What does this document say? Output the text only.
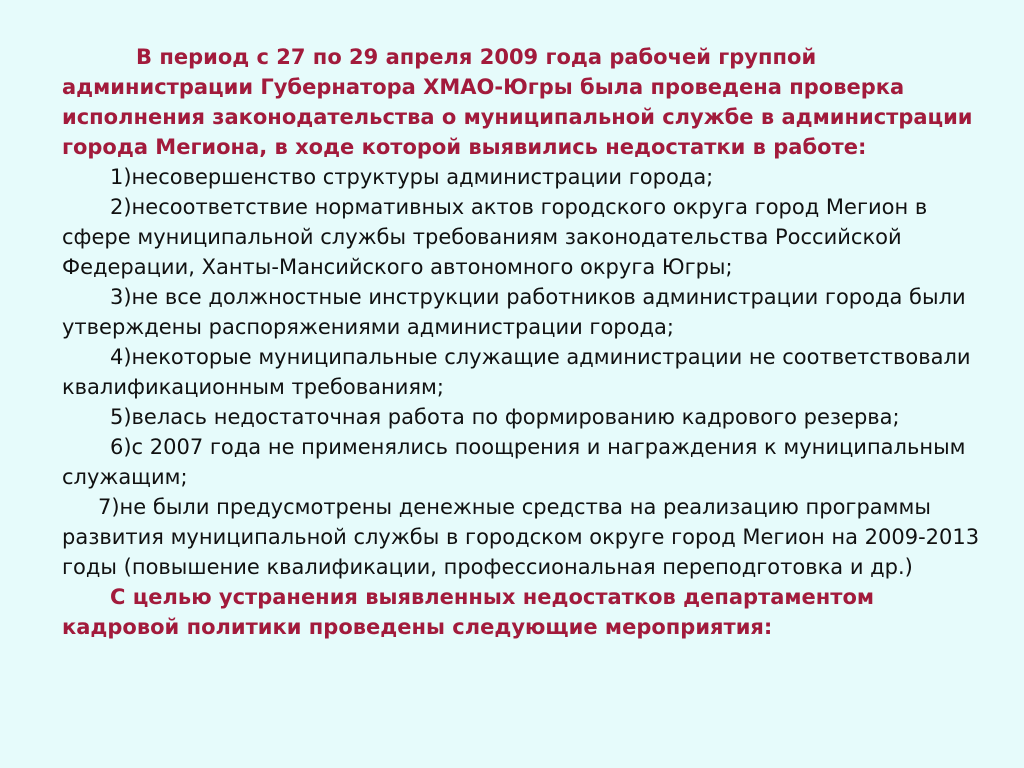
В период с 27 по 29 апреля 2009 года рабочей группой администрации Губернатора ХМАО-Югры была проведена проверка исполнения законодательства о муниципальной службе в администрации города Мегиона, в ходе которой выявились недостатки в работе:

1)несовершенство структуры администрации города;

2)несоответствие нормативных актов городского округа город Мегион в сфере муниципальной службы требованиям законодательства Российской Федерации, Ханты-Мансийского автономного округа Югры;

3)не все должностные инструкции работников администрации города были утверждены распоряжениями администрации города;

4)некоторые муниципальные служащие администрации не соответствовали квалификационным требованиям;

5)велась недостаточная работа по формированию кадрового резерва;

6)с 2007 года не применялись поощрения и награждения к муниципальным служащим;

7)не были предусмотрены денежные средства на реализацию программы развития муниципальной службы в городском округе город Мегион на 2009-2013 годы (повышение квалификации, профессиональная переподготовка и др.)

С целью устранения выявленных недостатков департаментом кадровой политики проведены следующие мероприятия:
